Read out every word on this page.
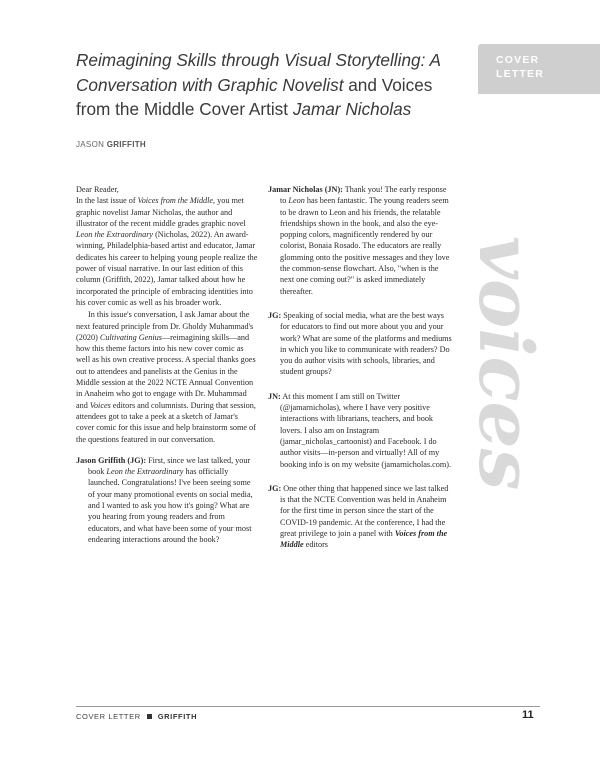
Reimagining Skills through Visual Storytelling: A
Conversation with Graphic Novelist and Voices
from the Middle Cover Artist Jamar Nicholas
JASON GRIFFITH
COVER
LETTER
voices

Dear Reader,

In the last issue of Voices from the Middle, you met graphic novelist Jamar Nicholas, the author and illustrator of the recent middle grades graphic novel Leon the Extraordinary (Nicholas, 2022). An award-winning, Philadelphia-based artist and educator, Jamar dedicates his career to helping young people realize the power of visual narrative. In our last edition of this column (Griffith, 2022), Jamar talked about how he incorporated the principle of embracing identities into his cover comic as well as his broader work.

In this issue's conversation, I ask Jamar about the next featured principle from Dr. Gholdy Muhammad's (2020) Cultivating Genius—reimagining skills—and how this theme factors into his new cover comic as well as his own creative process. A special thanks goes out to attendees and panelists at the Genius in the Middle session at the 2022 NCTE Annual Convention in Anaheim who got to engage with Dr. Muhammad and Voices editors and columnists. During that session, attendees got to take a peek at a sketch of Jamar's cover comic for this issue and help brainstorm some of the questions featured in our conversation.

Jason Griffith (JG): First, since we last talked, your book Leon the Extraordinary has officially launched. Congratulations! I've been seeing some of your many promotional events on social media, and I wanted to ask you how it's going? What are you hearing from young readers and from educators, and what have been some of your most endearing interactions around the book?

Jamar Nicholas (JN): Thank you! The early response to Leon has been fantastic. The young readers seem to be drawn to Leon and his friends, the relatable friendships shown in the book, and also the eye-popping colors, magnificently rendered by our colorist, Bonaia Rosado. The educators are really glomming onto the positive messages and they love the common-sense flowchart. Also, "when is the next one coming out?" is asked immediately thereafter.

JG: Speaking of social media, what are the best ways for educators to find out more about you and your work? What are some of the platforms and mediums in which you like to communicate with readers? Do you do author visits with schools, libraries, and student groups?

JN: At this moment I am still on Twitter (@jamarnicholas), where I have very positive interactions with librarians, teachers, and book lovers. I also am on Instagram (jamar_nicholas_cartoonist) and Facebook. I do author visits—in-person and virtually! All of my booking info is on my website (jamarnicholas.com).

JG: One other thing that happened since we last talked is that the NCTE Convention was held in Anaheim for the first time in person since the start of the COVID-19 pandemic. At the conference, I had the great privilege to join a panel with Voices from the Middle editors

COVER LETTER GRIFFITH	11
